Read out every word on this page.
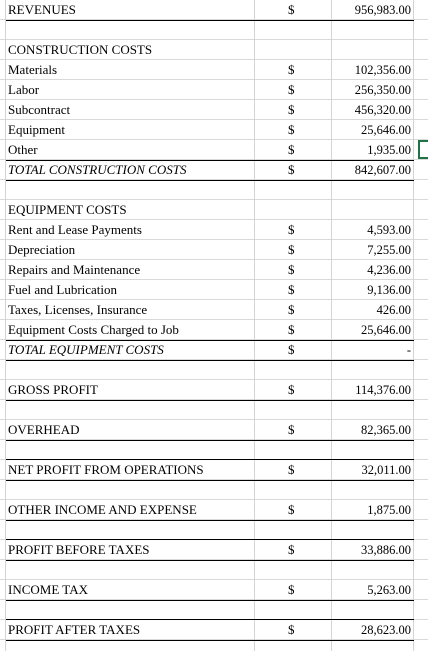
REVENUES	$	956,983.00
CONSTRUCTION COSTS
Materials	$	102,356.00
Labor	$	256,350.00
Subcontract	$	456,320.00
Equipment	$	25,646.00
Other	$	1,935.00
TOTAL CONSTRUCTION COSTS	$	842,607.00
EQUIPMENT COSTS
Rent and Lease Payments	$	4,593.00
Depreciation	$	7,255.00
Repairs and Maintenance	$	4,236.00
Fuel and Lubrication	$	9,136.00
Taxes, Licenses, Insurance	$	426.00
Equipment Costs Charged to Job	$	25,646.00
TOTAL EQUIPMENT COSTS	$	-
GROSS PROFIT	$	114,376.00
OVERHEAD	$	82,365.00
NET PROFIT FROM OPERATIONS	$	32,011.00
OTHER INCOME AND EXPENSE	$	1,875.00
PROFIT BEFORE TAXES	$	33,886.00
INCOME TAX	$	5,263.00
PROFIT AFTER TAXES	$	28,623.00
